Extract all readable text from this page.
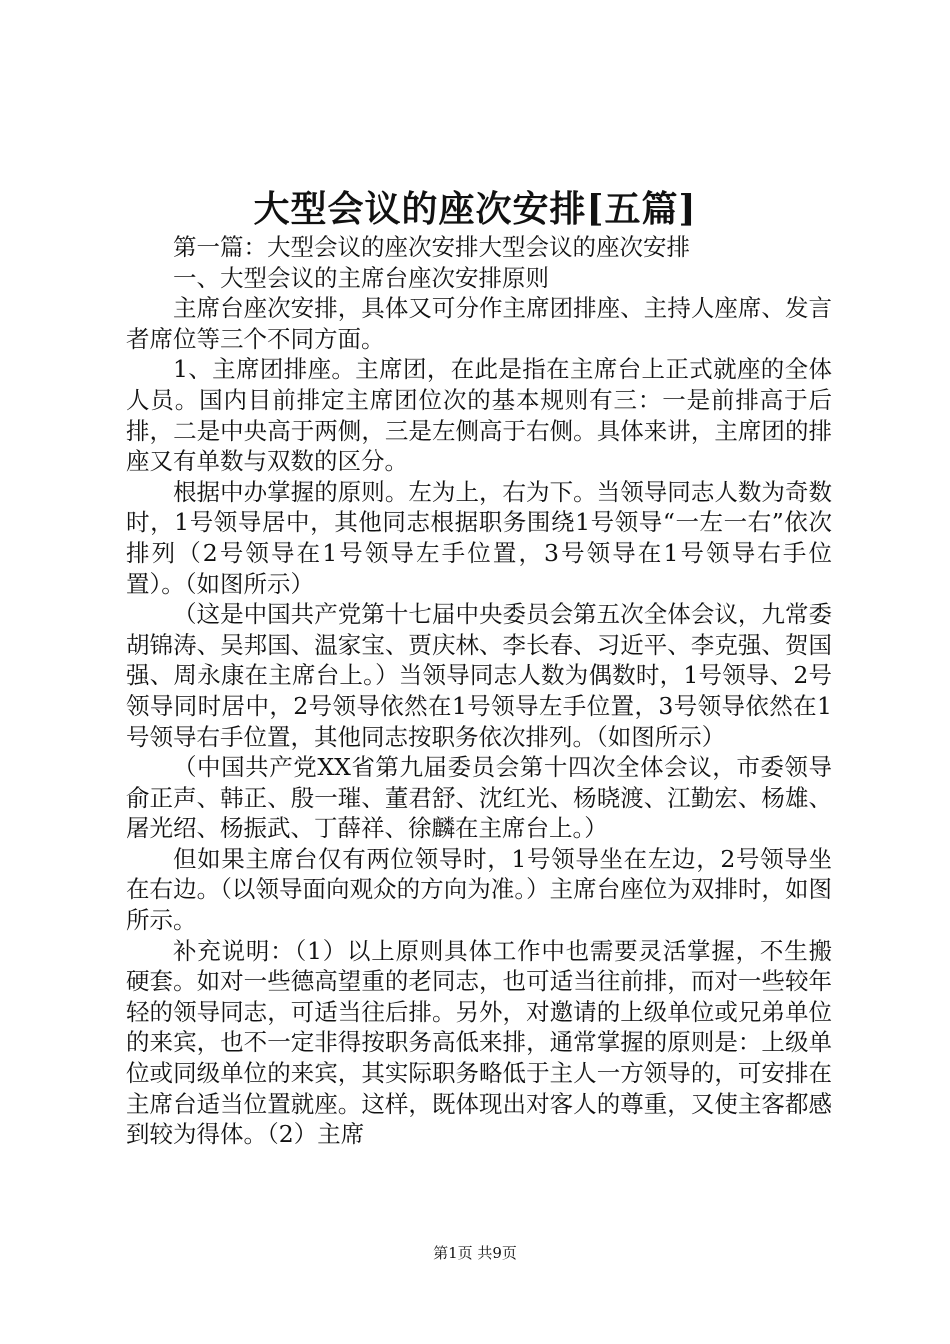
大型会议的座次安排[五篇]

第一篇：大型会议的座次安排大型会议的座次安排

一、大型会议的主席台座次安排原则

主席台座次安排，具体又可分作主席团排座、主持人座席、发言者席位等三个不同方面。

1、主席团排座。主席团，在此是指在主席台上正式就座的全体人员。国内目前排定主席团位次的基本规则有三：一是前排高于后排，二是中央高于两侧，三是左侧高于右侧。具体来讲，主席团的排座又有单数与双数的区分。

根据中办掌握的原则。左为上，右为下。当领导同志人数为奇数时，1号领导居中，其他同志根据职务围绕1号领导“一左一右”依次排列（2号领导在1号领导左手位置，3号领导在1号领导右手位置）。（如图所示）

（这是中国共产党第十七届中央委员会第五次全体会议，九常委胡锦涛、吴邦国、温家宝、贾庆林、李长春、习近平、李克强、贺国强、周永康在主席台上。）当领导同志人数为偶数时，1号领导、2号领导同时居中，2号领导依然在1号领导左手位置，3号领导依然在1号领导右手位置，其他同志按职务依次排列。（如图所示）

（中国共产党XX省第九届委员会第十四次全体会议，市委领导俞正声、韩正、殷一璀、董君舒、沈红光、杨晓渡、江勤宏、杨雄、屠光绍、杨振武、丁薛祥、徐麟在主席台上。）

但如果主席台仅有两位领导时，1号领导坐在左边，2号领导坐在右边。（以领导面向观众的方向为准。）主席台座位为双排时，如图所示。

补充说明：（1）以上原则具体工作中也需要灵活掌握，不生搬硬套。如对一些德高望重的老同志，也可适当往前排，而对一些较年轻的领导同志，可适当往后排。另外，对邀请的上级单位或兄弟单位的来宾，也不一定非得按职务高低来排，通常掌握的原则是：上级单位或同级单位的来宾，其实际职务略低于主人一方领导的，可安排在主席台适当位置就座。这样，既体现出对客人的尊重，又使主客都感到较为得体。（2）主席

第1页 共9页
